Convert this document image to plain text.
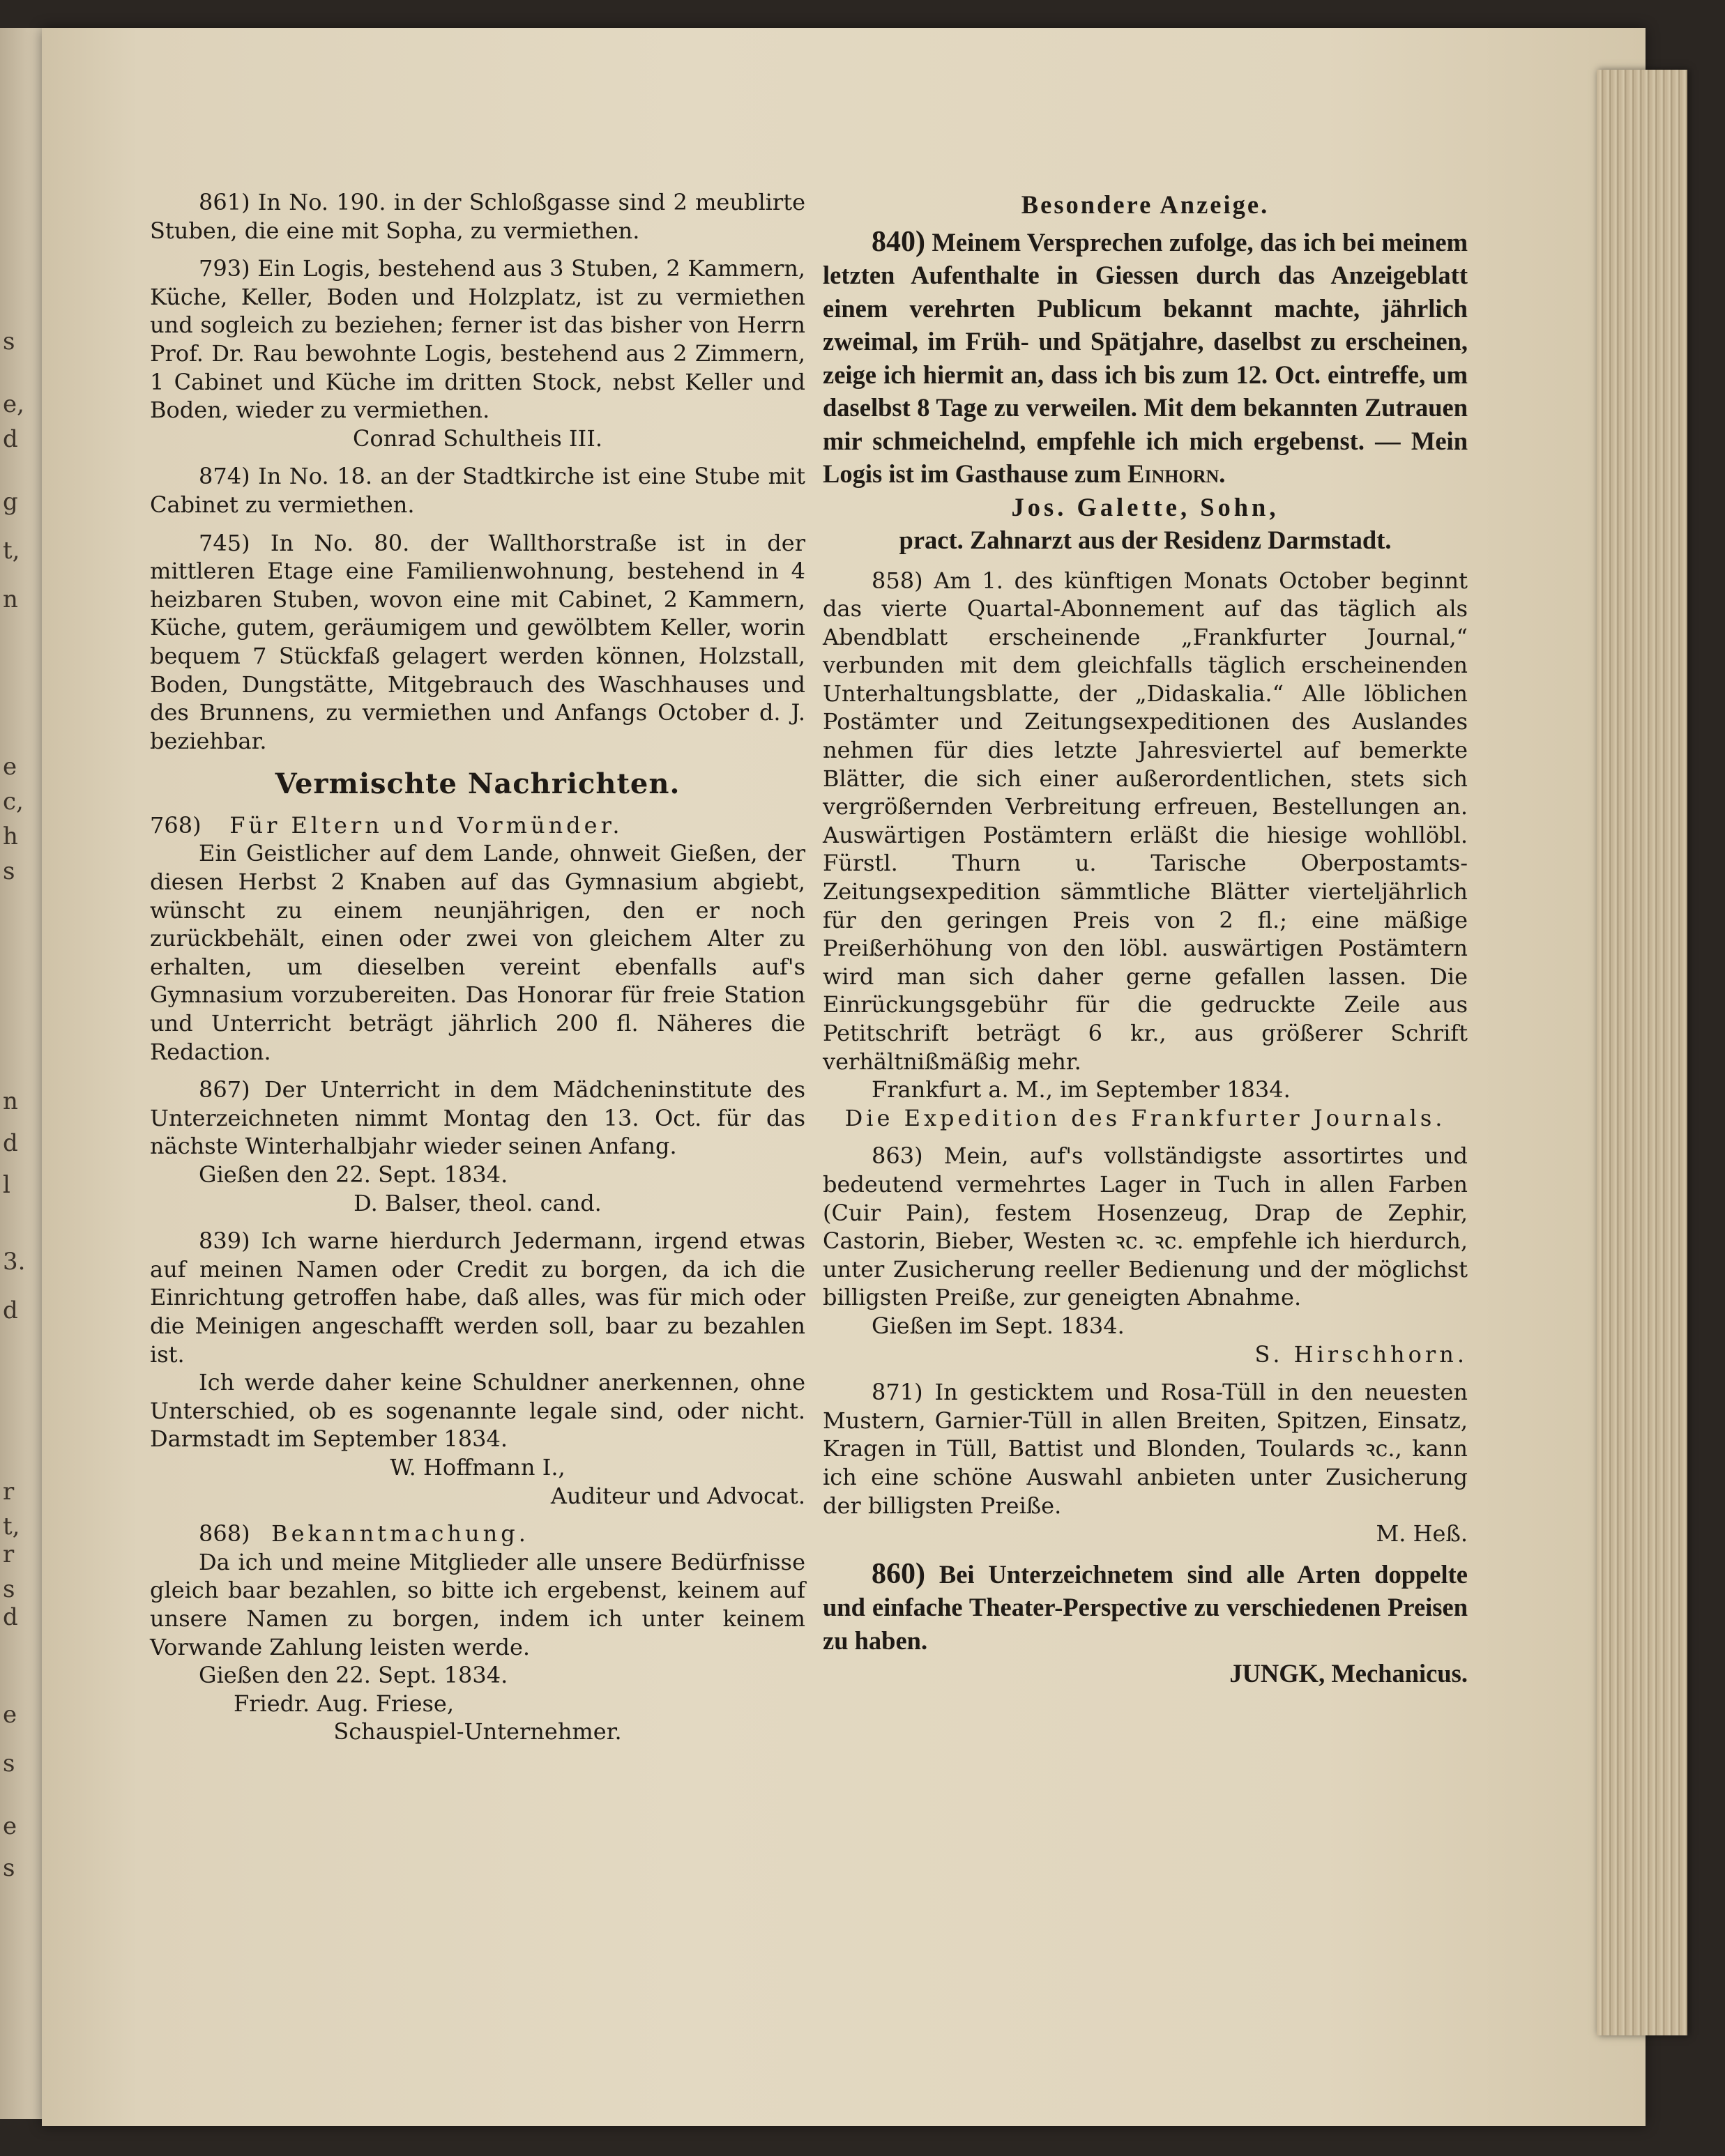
s
e,
d
g
t,
n
e
c,
h
s
n
d
l
3.
d
r
t,
r
s
d
e
s
e
s

861) In No. 190. in der Schloßgasse sind 2 meublirte Stuben, die eine mit Sopha, zu vermiethen.

793) Ein Logis, bestehend aus 3 Stuben, 2 Kammern, Küche, Keller, Boden und Holzplatz, ist zu vermiethen und sogleich zu beziehen; ferner ist das bisher von Herrn Prof. Dr. Rau bewohnte Logis, bestehend aus 2 Zimmern, 1 Cabinet und Küche im dritten Stock, nebst Keller und Boden, wieder zu vermiethen.

Conrad Schultheis III.

874) In No. 18. an der Stadtkirche ist eine Stube mit Cabinet zu vermiethen.

745) In No. 80. der Wallthorstraße ist in der mittleren Etage eine Familienwohnung, bestehend in 4 heizbaren Stuben, wovon eine mit Cabinet, 2 Kammern, Küche, gutem, geräumigem und gewölbtem Keller, worin bequem 7 Stückfaß gelagert werden können, Holzstall, Boden, Dungstätte, Mitgebrauch des Waschhauses und des Brunnens, zu vermiethen und Anfangs October d. J. beziehbar.

Vermischte Nachrichten.

768) Für Eltern und Vormünder.

Ein Geistlicher auf dem Lande, ohnweit Gießen, der diesen Herbst 2 Knaben auf das Gymnasium abgiebt, wünscht zu einem neunjährigen, den er noch zurückbehält, einen oder zwei von gleichem Alter zu erhalten, um dieselben vereint ebenfalls auf's Gymnasium vorzubereiten. Das Honorar für freie Station und Unterricht beträgt jährlich 200 fl. Näheres die Redaction.

867) Der Unterricht in dem Mädcheninstitute des Unterzeichneten nimmt Montag den 13. Oct. für das nächste Winterhalbjahr wieder seinen Anfang.

Gießen den 22. Sept. 1834.

D. Balser, theol. cand.

839) Ich warne hierdurch Jedermann, irgend etwas auf meinen Namen oder Credit zu borgen, da ich die Einrichtung getroffen habe, daß alles, was für mich oder die Meinigen angeschafft werden soll, baar zu bezahlen ist.

Ich werde daher keine Schuldner anerkennen, ohne Unterschied, ob es sogenannte legale sind, oder nicht. Darmstadt im September 1834.

W. Hoffmann I.,
Auditeur und Advocat.

868) Bekanntmachung.

Da ich und meine Mitglieder alle unsere Bedürfnisse gleich baar bezahlen, so bitte ich ergebenst, keinem auf unsere Namen zu borgen, indem ich unter keinem Vorwande Zahlung leisten werde.

Gießen den 22. Sept. 1834.

Friedr. Aug. Friese,
Schauspiel-Unternehmer.
Besondere Anzeige.

840) Meinem Versprechen zufolge, das ich bei meinem letzten Aufenthalte in Giessen durch das Anzeigeblatt einem verehrten Publicum bekannt machte, jährlich zweimal, im Früh- und Spätjahre, daselbst zu erscheinen, zeige ich hiermit an, dass ich bis zum 12. Oct. eintreffe, um daselbst 8 Tage zu verweilen. Mit dem bekannten Zutrauen mir schmeichelnd, empfehle ich mich ergebenst. — Mein Logis ist im Gasthause zum Einhorn.

Jos. Galette, Sohn,
pract. Zahnarzt aus der Residenz Darmstadt.

858) Am 1. des künftigen Monats October beginnt das vierte Quartal-Abonnement auf das täglich als Abendblatt erscheinende „Frankfurter Journal,“ verbunden mit dem gleichfalls täglich erscheinenden Unterhaltungsblatte, der „Didaskalia.“ Alle löblichen Postämter und Zeitungsexpeditionen des Auslandes nehmen für dies letzte Jahresviertel auf bemerkte Blätter, die sich einer außerordentlichen, stets sich vergrößernden Verbreitung erfreuen, Bestellungen an. Auswärtigen Postämtern erläßt die hiesige wohllöbl. Fürstl. Thurn u. Tarische Oberpostamts-Zeitungsexpedition sämmtliche Blätter vierteljährlich für den geringen Preis von 2 fl.; eine mäßige Preißerhöhung von den löbl. auswärtigen Postämtern wird man sich daher gerne gefallen lassen. Die Einrückungsgebühr für die gedruckte Zeile aus Petitschrift beträgt 6 kr., aus größerer Schrift verhältnißmäßig mehr.

Frankfurt a. M., im September 1834.

Die Expedition des Frankfurter Journals.

863) Mein, auf's vollständigste assortirtes und bedeutend vermehrtes Lager in Tuch in allen Farben (Cuir Pain), festem Hosenzeug, Drap de Zephir, Castorin, Bieber, Westen ꝛc. ꝛc. empfehle ich hierdurch, unter Zusicherung reeller Bedienung und der möglichst billigsten Preiße, zur geneigten Abnahme.

Gießen im Sept. 1834.

S. Hirschhorn.

871) In gesticktem und Rosa-Tüll in den neuesten Mustern, Garnier-Tüll in allen Breiten, Spitzen, Einsatz, Kragen in Tüll, Battist und Blonden, Toulards ꝛc., kann ich eine schöne Auswahl anbieten unter Zusicherung der billigsten Preiße.

M. Heß.

860) Bei Unterzeichnetem sind alle Arten doppelte und einfache Theater-Perspective zu verschiedenen Preisen zu haben.

JUNGK, Mechanicus.
